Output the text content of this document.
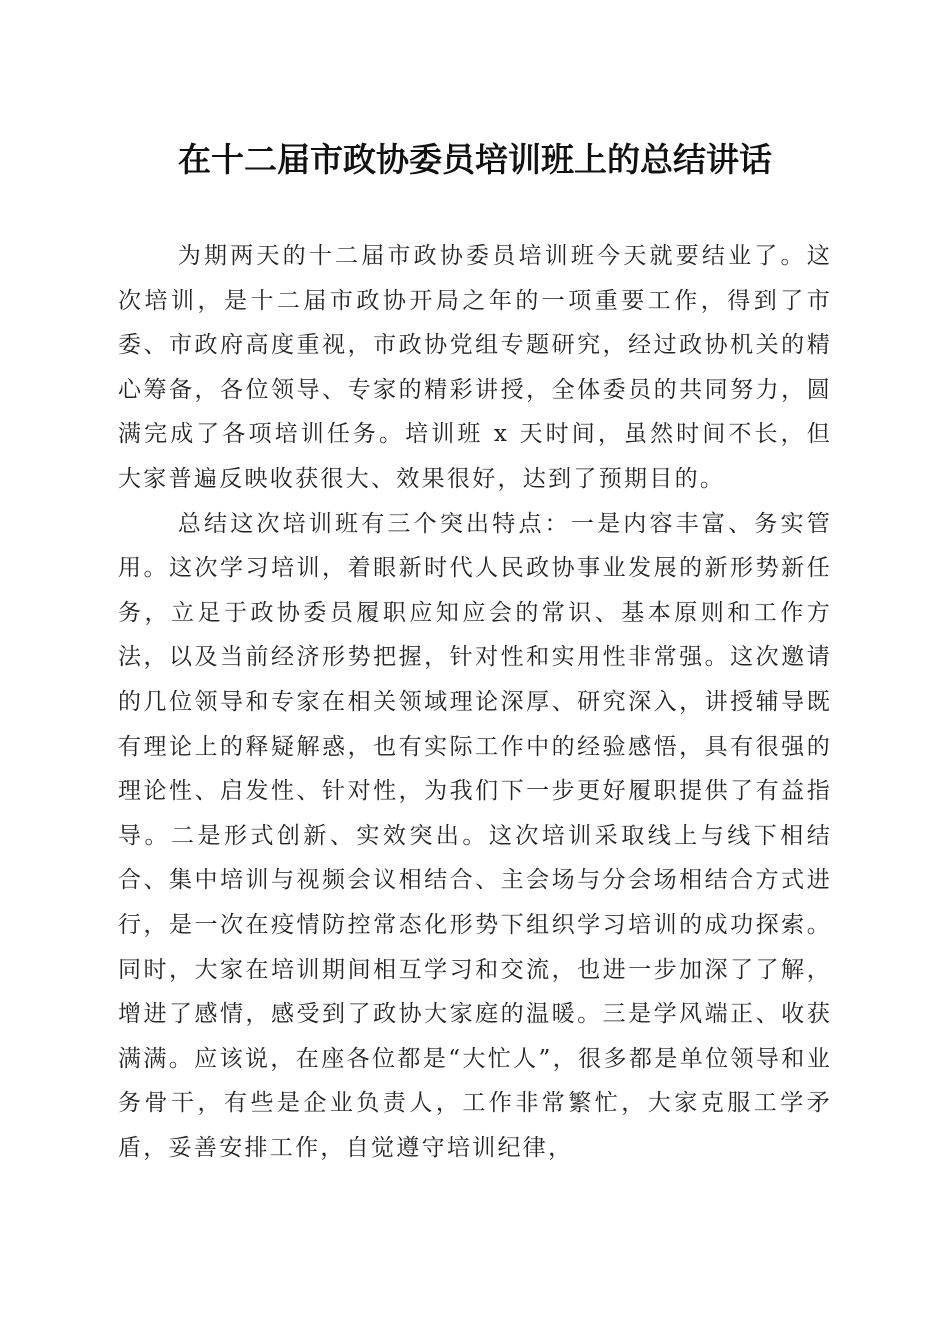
在十二届市政协委员培训班上的总结讲话

为期两天的十二届市政协委员培训班今天就要结业了。这次培训，是十二届市政协开局之年的一项重要工作，得到了市委、市政府高度重视，市政协党组专题研究，经过政协机关的精心筹备，各位领导、专家的精彩讲授，全体委员的共同努力，圆满完成了各项培训任务。培训班 x 天时间，虽然时间不长，但大家普遍反映收获很大、效果很好，达到了预期目的。

总结这次培训班有三个突出特点：一是内容丰富、务实管用。这次学习培训，着眼新时代人民政协事业发展的新形势新任务，立足于政协委员履职应知应会的常识、基本原则和工作方法，以及当前经济形势把握，针对性和实用性非常强。这次邀请的几位领导和专家在相关领域理论深厚、研究深入，讲授辅导既有理论上的释疑解惑，也有实际工作中的经验感悟，具有很强的理论性、启发性、针对性，为我们下一步更好履职提供了有益指导。二是形式创新、实效突出。这次培训采取线上与线下相结合、集中培训与视频会议相结合、主会场与分会场相结合方式进行，是一次在疫情防控常态化形势下组织学习培训的成功探索。同时，大家在培训期间相互学习和交流，也进一步加深了了解，增进了感情，感受到了政协大家庭的温暖。三是学风端正、收获满满。应该说，在座各位都是“大忙人”，很多都是单位领导和业务骨干，有些是企业负责人，工作非常繁忙，大家克服工学矛盾，妥善安排工作，自觉遵守培训纪律，
